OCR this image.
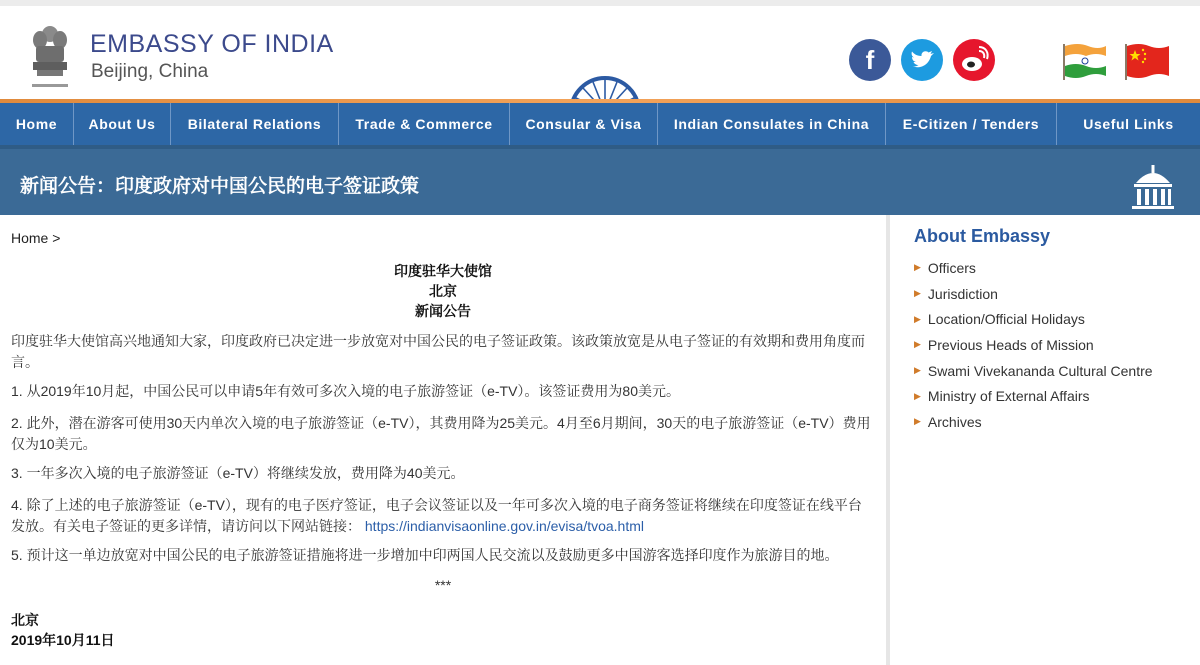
EMBASSY OF INDIA
Beijing, China	f
Home	About Us	Bilateral Relations	Trade & Commerce	Consular & Visa	Indian Consulates in China	E-Citizen / Tenders	Useful Links
新闻公告：印度政府对中国公民的电子签证政策
Home >
印度驻华大使馆
北京
新闻公告
印度驻华大使馆高兴地通知大家，印度政府已决定进一步放宽对中国公民的电子签证政策。该政策放宽是从电子签证的有效期和费用角度而言。
1. 从2019年10月起，中国公民可以申请5年有效可多次入境的电子旅游签证（e-TV）。该签证费用为80美元。
2. 此外，潜在游客可使用30天内单次入境的电子旅游签证（e-TV），其费用降为25美元。4月至6月期间，30天的电子旅游签证（e-TV）费用仅为10美元。
3. 一年多次入境的电子旅游签证（e-TV）将继续发放，费用降为40美元。
4. 除了上述的电子旅游签证（e-TV），现有的电子医疗签证，电子会议签证以及一年可多次入境的电子商务签证将继续在印度签证在线平台发放。有关电子签证的更多详情，请访问以下网站链接： https://indianvisaonline.gov.in/evisa/tvoa.html
5. 预计这一单边放宽对中国公民的电子旅游签证措施将进一步增加中印两国人民交流以及鼓励更多中国游客选择印度作为旅游目的地。
***
北京
2019年10月11日
About Embassy
▶ Officers
▶ Jurisdiction
▶ Location/Official Holidays
▶ Previous Heads of Mission
▶ Swami Vivekananda Cultural Centre
▶ Ministry of External Affairs
▶ Archives
